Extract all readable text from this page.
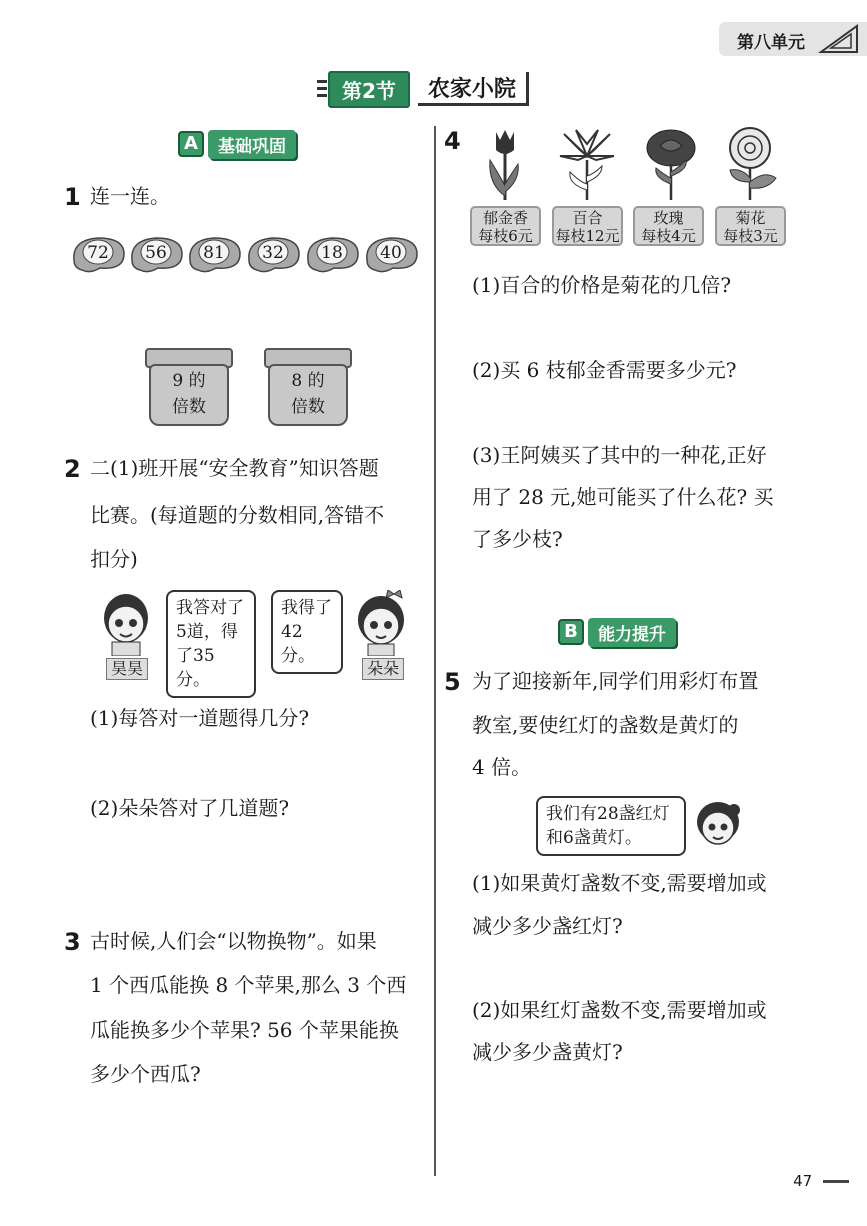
第八单元
第2节	农家小院
A	基础巩固
1 连一连。
72 56 81 32 18 40
9 的
倍数
8 的
倍数
2 二(1)班开展“安全教育”知识答题
比赛。(每道题的分数相同,答错不
扣分)
我答对了
5道，得
了35分。
我得了
42分。
昊昊	朵朵
(1)每答对一道题得几分?
(2)朵朵答对了几道题?
3 古时候,人们会“以物换物”。如果
1 个西瓜能换 8 个苹果,那么 3 个西
瓜能换多少个苹果? 56 个苹果能换
多少个西瓜?
4
郁金香
每枝6元
百合
每枝12元
玫瑰
每枝4元
菊花
每枝3元
(1)百合的价格是菊花的几倍?
(2)买 6 枝郁金香需要多少元?
(3)王阿姨买了其中的一种花,正好
用了 28 元,她可能买了什么花? 买
了多少枝?
B	能力提升
5 为了迎接新年,同学们用彩灯布置
教室,要使红灯的盏数是黄灯的
4 倍。
我们有28盏红灯
和6盏黄灯。
(1)如果黄灯盏数不变,需要增加或
减少多少盏红灯?
(2)如果红灯盏数不变,需要增加或
减少多少盏黄灯?
47
